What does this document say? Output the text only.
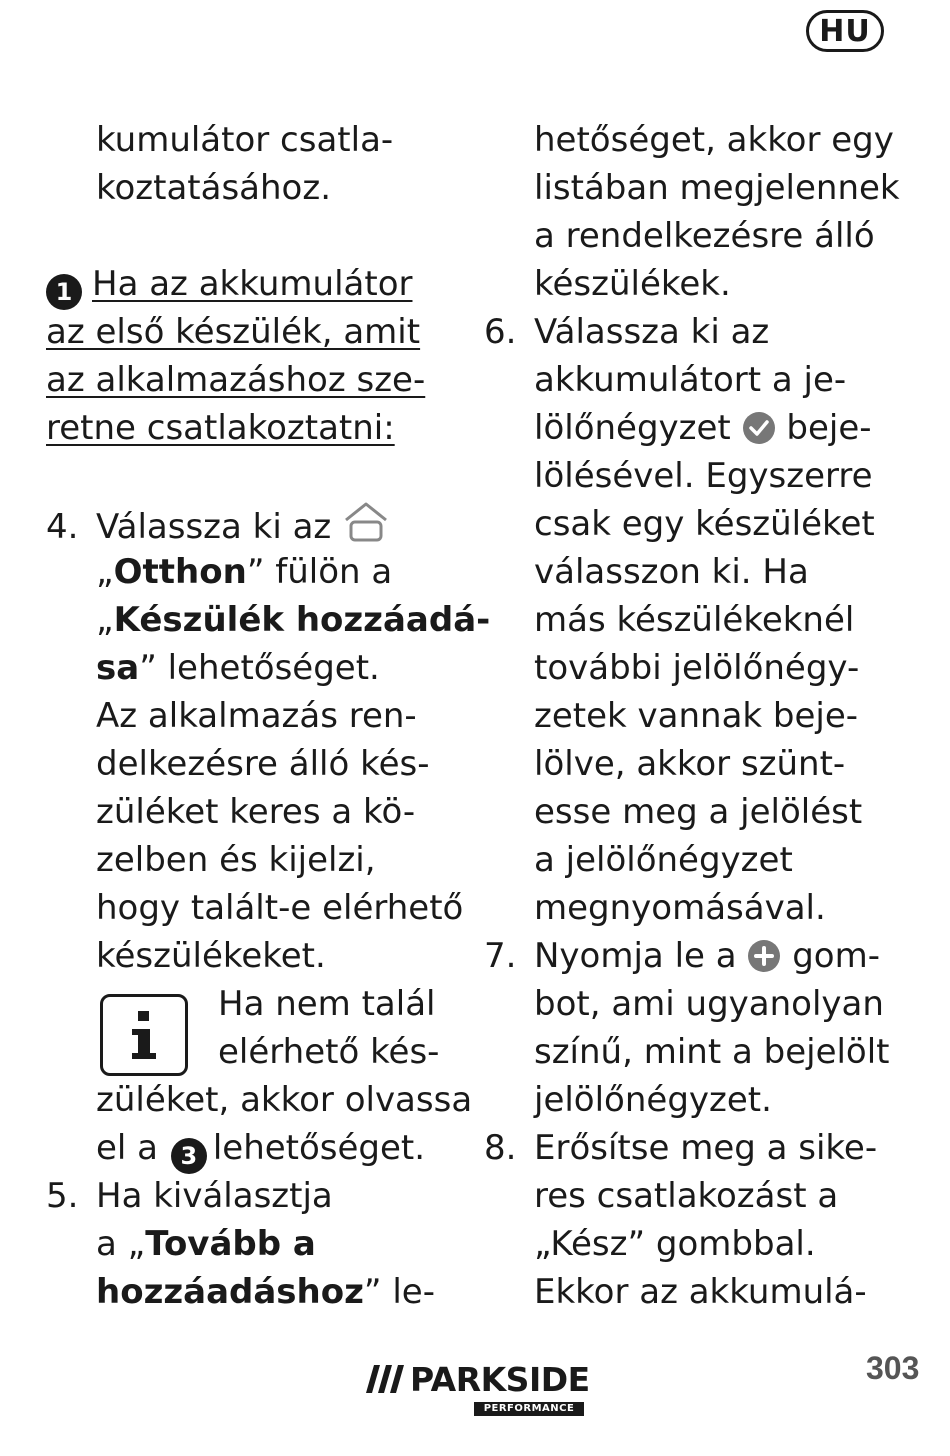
HU
kumulátor csatla-
koztatásához.
1 Ha az akkumulátor
az első készülék, amit
az alkalmazáshoz sze-
retne csatlakoztatni:
4. Válassza ki az
„Otthon” fülön a
„Készülék hozzáadá-
sa” lehetőséget.
Az alkalmazás ren-
delkezésre álló kés-
züléket keres a kö-
zelben és kijelzi,
hogy talált-e elérhető
készülékeket.
Ha nem talál
elérhető kés-
züléket, akkor olvassa
el a 3 lehetőséget.
5. Ha kiválasztja
a „Tovább a
hozzáadáshoz” le-
hetőséget, akkor egy
listában megjelennek
a rendelkezésre álló
készülékek.
6. Válassza ki az
akkumulátort a je-
lölőnégyzet beje-
lölésével. Egyszerre
csak egy készüléket
válasszon ki. Ha
más készülékeknél
további jelölőnégy-
zetek vannak beje-
lölve, akkor szünt-
esse meg a jelölést
a jelölőnégyzet
megnyomásával.
7. Nyomja le a gom-
bot, ami ugyanolyan
színű, mint a bejelölt
jelölőnégyzet.
8. Erősítse meg a sike-
res csatlakozást a
„Kész” gombbal.
Ekkor az akkumulá-
PARKSIDE
PERFORMANCE
303
